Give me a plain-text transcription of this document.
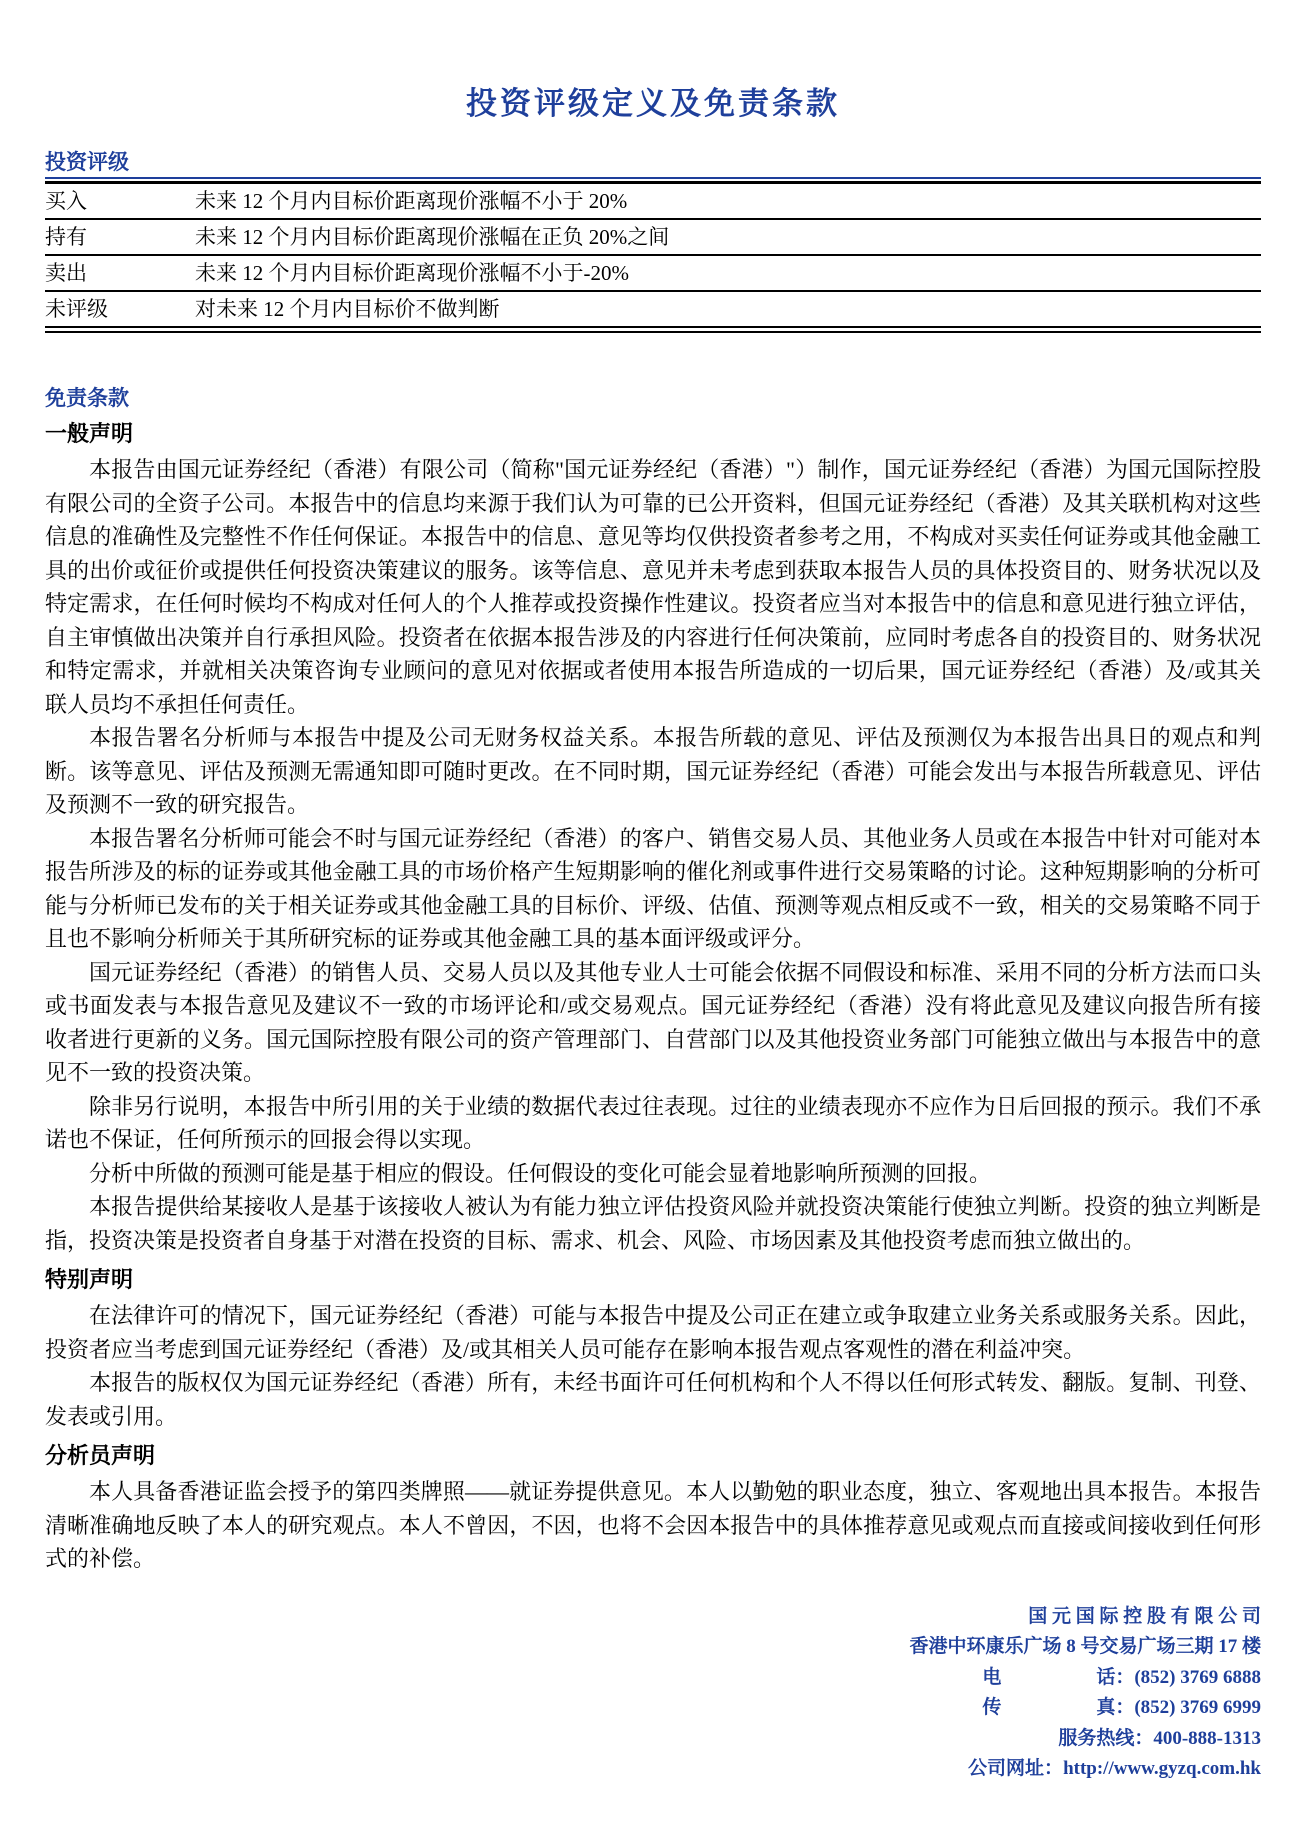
投资评级定义及免责条款
投资评级
买入	未来 12 个月内目标价距离现价涨幅不小于 20%
持有	未来 12 个月内目标价距离现价涨幅在正负 20%之间
卖出	未来 12 个月内目标价距离现价涨幅不小于-20%
未评级	对未来 12 个月内目标价不做判断
免责条款
一般声明

本报告由国元证券经纪（香港）有限公司（简称"国元证券经纪（香港）"）制作，国元证券经纪（香港）为国元国际控股有限公司的全资子公司。本报告中的信息均来源于我们认为可靠的已公开资料，但国元证券经纪（香港）及其关联机构对这些信息的准确性及完整性不作任何保证。本报告中的信息、意见等均仅供投资者参考之用，不构成对买卖任何证券或其他金融工具的出价或征价或提供任何投资决策建议的服务。该等信息、意见并未考虑到获取本报告人员的具体投资目的、财务状况以及特定需求，在任何时候均不构成对任何人的个人推荐或投资操作性建议。投资者应当对本报告中的信息和意见进行独立评估，自主审慎做出决策并自行承担风险。投资者在依据本报告涉及的内容进行任何决策前，应同时考虑各自的投资目的、财务状况和特定需求，并就相关决策咨询专业顾问的意见对依据或者使用本报告所造成的一切后果，国元证券经纪（香港）及/或其关联人员均不承担任何责任。

本报告署名分析师与本报告中提及公司无财务权益关系。本报告所载的意见、评估及预测仅为本报告出具日的观点和判断。该等意见、评估及预测无需通知即可随时更改。在不同时期，国元证券经纪（香港）可能会发出与本报告所载意见、评估及预测不一致的研究报告。

本报告署名分析师可能会不时与国元证券经纪（香港）的客户、销售交易人员、其他业务人员或在本报告中针对可能对本报告所涉及的标的证券或其他金融工具的市场价格产生短期影响的催化剂或事件进行交易策略的讨论。这种短期影响的分析可能与分析师已发布的关于相关证券或其他金融工具的目标价、评级、估值、预测等观点相反或不一致，相关的交易策略不同于且也不影响分析师关于其所研究标的证券或其他金融工具的基本面评级或评分。

国元证券经纪（香港）的销售人员、交易人员以及其他专业人士可能会依据不同假设和标准、采用不同的分析方法而口头或书面发表与本报告意见及建议不一致的市场评论和/或交易观点。国元证券经纪（香港）没有将此意见及建议向报告所有接收者进行更新的义务。国元国际控股有限公司的资产管理部门、自营部门以及其他投资业务部门可能独立做出与本报告中的意见不一致的投资决策。

除非另行说明，本报告中所引用的关于业绩的数据代表过往表现。过往的业绩表现亦不应作为日后回报的预示。我们不承诺也不保证，任何所预示的回报会得以实现。

分析中所做的预测可能是基于相应的假设。任何假设的变化可能会显着地影响所预测的回报。

本报告提供给某接收人是基于该接收人被认为有能力独立评估投资风险并就投资决策能行使独立判断。投资的独立判断是指，投资决策是投资者自身基于对潜在投资的目标、需求、机会、风险、市场因素及其他投资考虑而独立做出的。

特别声明

在法律许可的情况下，国元证券经纪（香港）可能与本报告中提及公司正在建立或争取建立业务关系或服务关系。因此，投资者应当考虑到国元证券经纪（香港）及/或其相关人员可能存在影响本报告观点客观性的潜在利益冲突。

本报告的版权仅为国元证券经纪（香港）所有，未经书面许可任何机构和个人不得以任何形式转发、翻版。复制、刊登、发表或引用。

分析员声明

本人具备香港证监会授予的第四类牌照——就证券提供意见。本人以勤勉的职业态度，独立、客观地出具本报告。本报告清晰准确地反映了本人的研究观点。本人不曾因，不因，也将不会因本报告中的具体推荐意见或观点而直接或间接收到任何形式的补偿。

国 元 国 际 控 股 有 限 公 司
香港中环康乐广场 8 号交易广场三期 17 楼
电　　　　　话：(852) 3769 6888
传　　　　　真：(852) 3769 6999
服务热线：400-888-1313
公司网址：http://www.gyzq.com.hk
